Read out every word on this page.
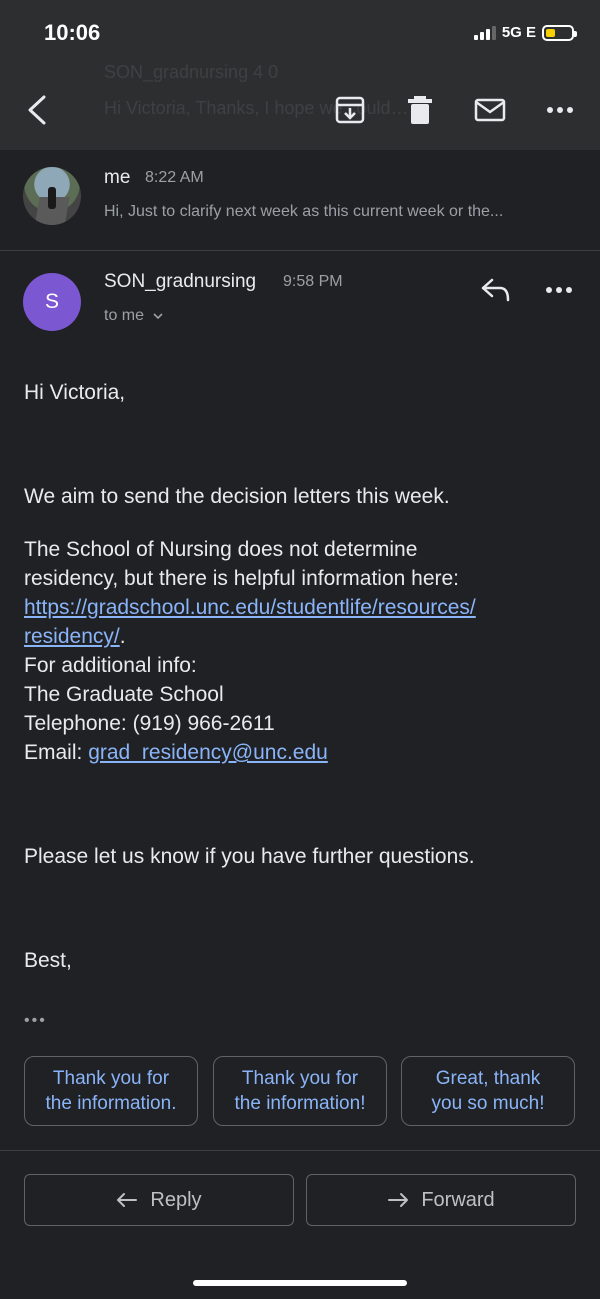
SON_gradnursing 4 0
Hi Victoria, Thanks, I hope we could…
10:06	5G E
me 8:22 AM
Hi, Just to clarify next week as this current week or the...
S
SON_gradnursing 9:58 PM
to me
Hi Victoria,
We aim to send the decision letters this week.
The School of Nursing does not determine
residency, but there is helpful information here:
https://gradschool.unc.edu/studentlife/resources/
residency/.
For additional info:
The Graduate School
Telephone: (919) 966-2611
Email: grad_residency@unc.edu
Please let us know if you have further questions.
Best,
•••
Thank you for
the information.
Thank you for
the information!
Great, thank
you so much!
Reply	Forward
